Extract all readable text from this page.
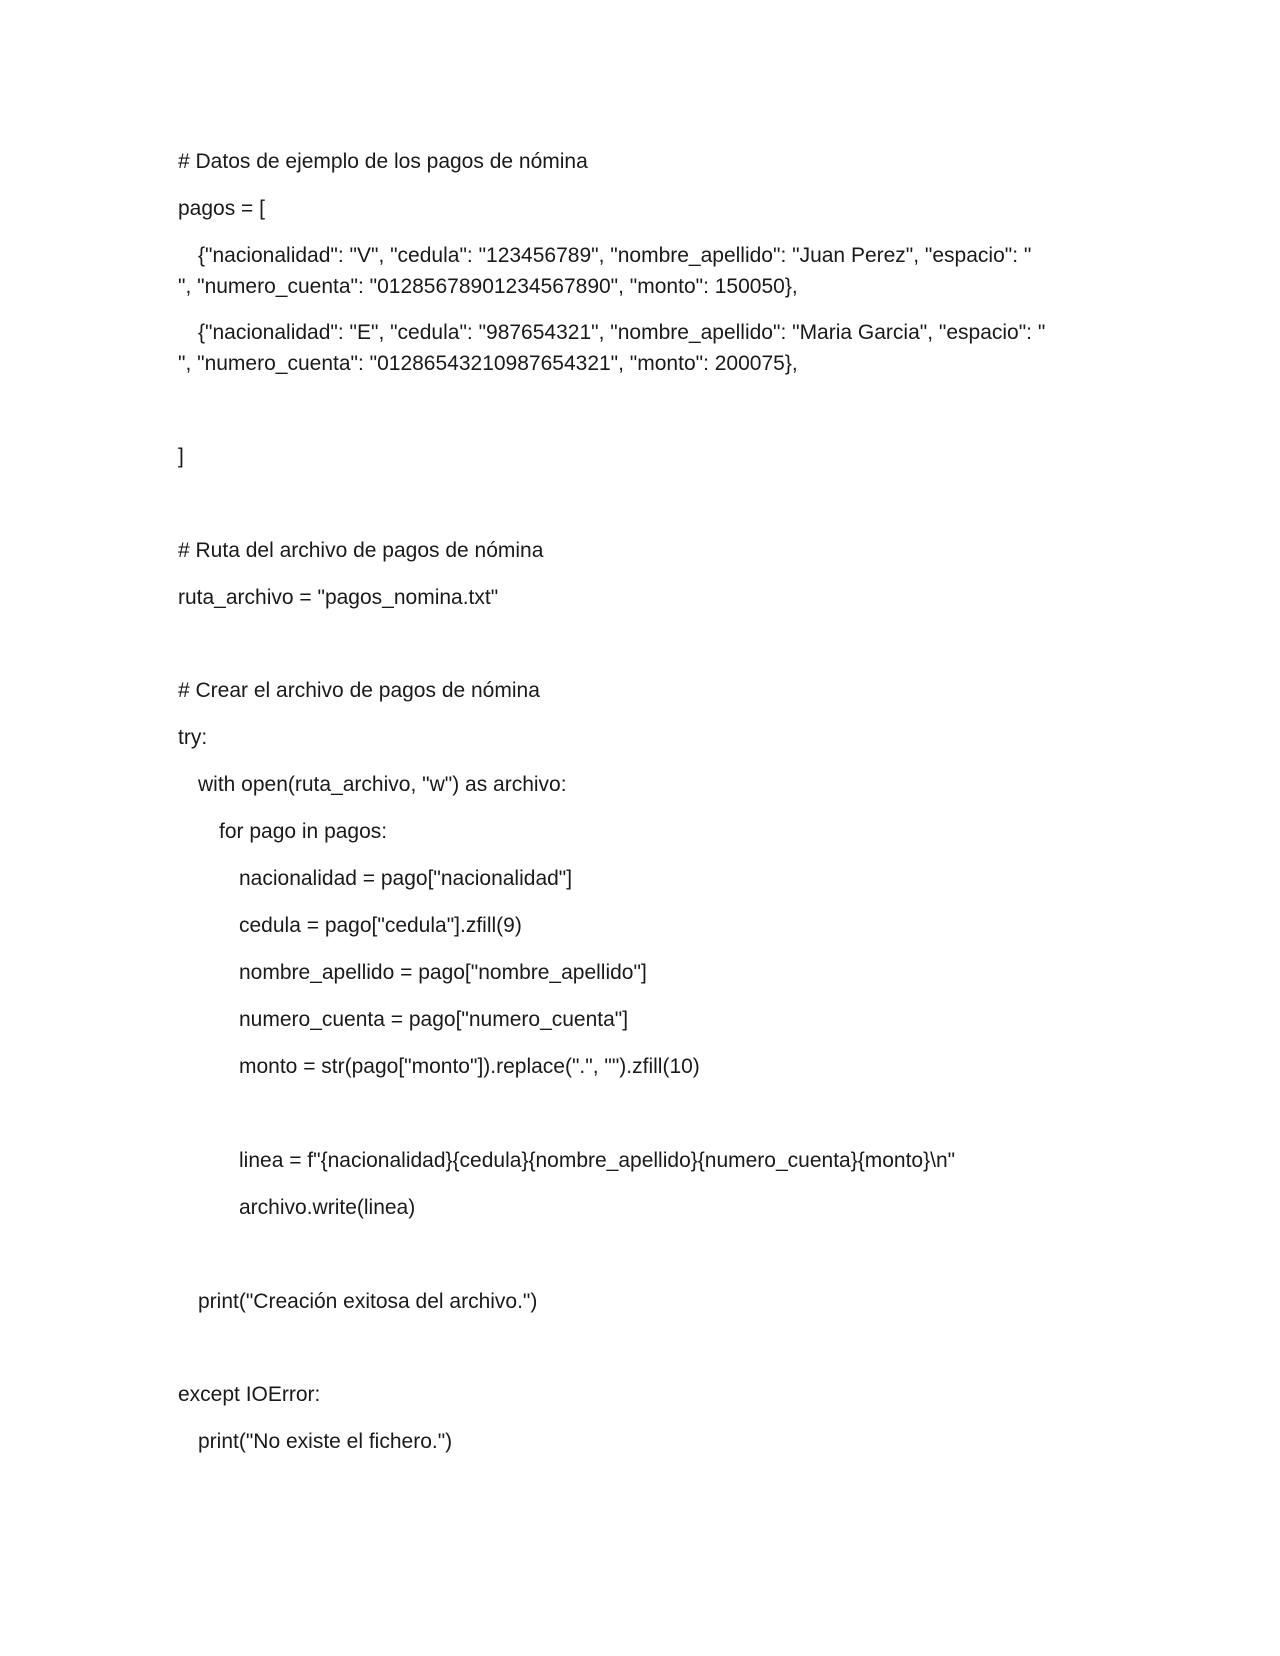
# Datos de ejemplo de los pagos de nómina
pagos = [
{"nacionalidad": "V", "cedula": "123456789", "nombre_apellido": "Juan Perez", "espacio": "
", "numero_cuenta": "01285678901234567890", "monto": 150050},
{"nacionalidad": "E", "cedula": "987654321", "nombre_apellido": "Maria Garcia", "espacio": "
", "numero_cuenta": "01286543210987654321", "monto": 200075},
]
# Ruta del archivo de pagos de nómina
ruta_archivo = "pagos_nomina.txt"
# Crear el archivo de pagos de nómina
try:
with open(ruta_archivo, "w") as archivo:
for pago in pagos:
nacionalidad = pago["nacionalidad"]
cedula = pago["cedula"].zfill(9)
nombre_apellido = pago["nombre_apellido"]
numero_cuenta = pago["numero_cuenta"]
monto = str(pago["monto"]).replace(".", "").zfill(10)
linea = f"{nacionalidad}{cedula}{nombre_apellido}{numero_cuenta}{monto}\n"
archivo.write(linea)
print("Creación exitosa del archivo.")
except IOError:
print("No existe el fichero.")
